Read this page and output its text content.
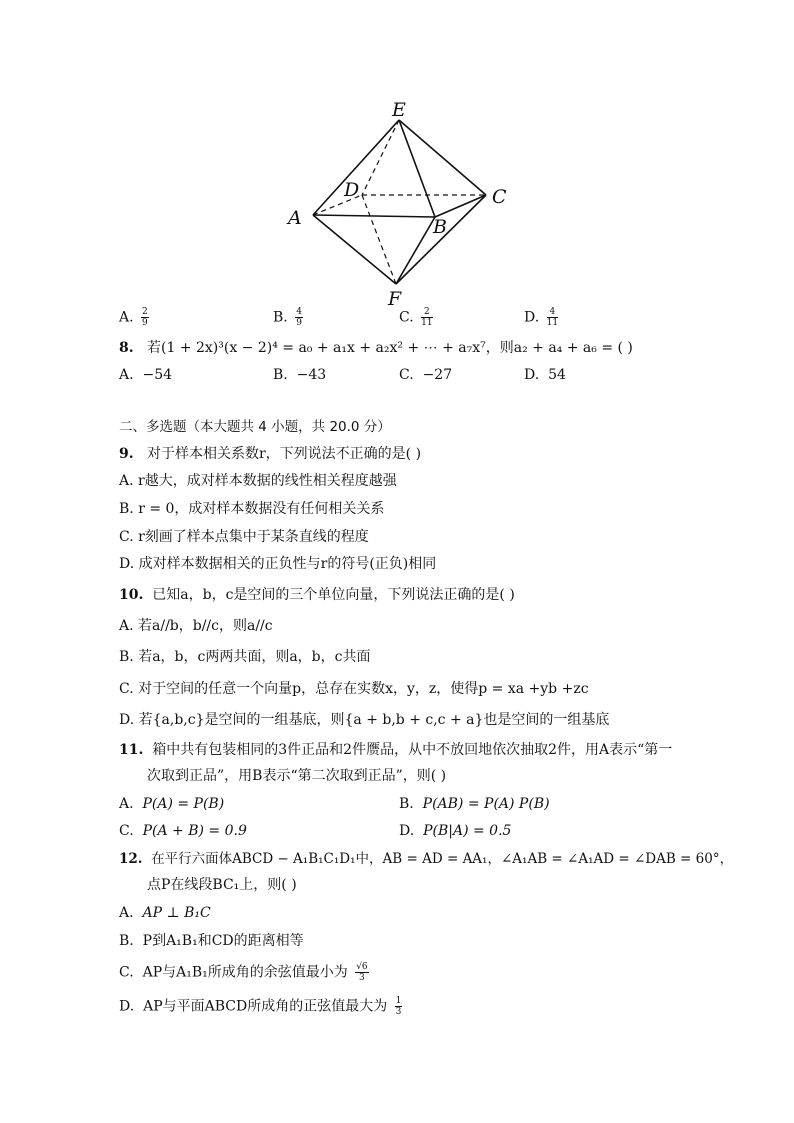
E
D	C
A	B
F
A. $\frac{2}{9}$	B. $\frac{4}{9}$	C. $\frac{2}{11}$	D. $\frac{4}{11}$
8. 若(1 + 2x)³(x − 2)⁴ = a₀ + a₁x + a₂x² + ⋯ + a₇x⁷，则a₂ + a₄ + a₆ = ( )
A. −54	B. −43	C. −27	D. 54
二、多选题（本大题共 4 小题，共 20.0 分）
9. 对于样本相关系数r，下列说法不正确的是( )
A. r越大，成对样本数据的线性相关程度越强
B. r = 0，成对样本数据没有任何相关关系
C. r刻画了样本点集中于某条直线的程度
D. 成对样本数据相关的正负性与r的符号(正负)相同
10. 已知a，b，c是空间的三个单位向量，下列说法正确的是( )
A. 若a//b，b//c，则a//c
B. 若a，b，c两两共面，则a，b，c共面
C. 对于空间的任意一个向量p，总存在实数x，y，z，使得p = xa +yb +zc
D. 若{a,b,c}是空间的一组基底，则{a + b,b + c,c + a}也是空间的一组基底
11. 箱中共有包装相同的3件正品和2件赝品，从中不放回地依次抽取2件，用A表示“第一
次取到正品”，用B表示“第二次取到正品”，则( )
A. P(A) = P(B)	B. P(AB) = P(A) P(B)
C. P(A + B) = 0.9	D. P(B|A) = 0.5
12. 在平行六面体ABCD − A₁B₁C₁D₁中，AB = AD = AA₁，∠A₁AB = ∠A₁AD = ∠DAB = 60°，
点P在线段BC₁上，则( )
A. AP ⊥ B₁C
B. P到A₁B₁和CD的距离相等
C. AP与A₁B₁所成角的余弦值最小为 $\frac{√6}{3}$
D. AP与平面ABCD所成角的正弦值最大为 $\frac{1}{3}$
